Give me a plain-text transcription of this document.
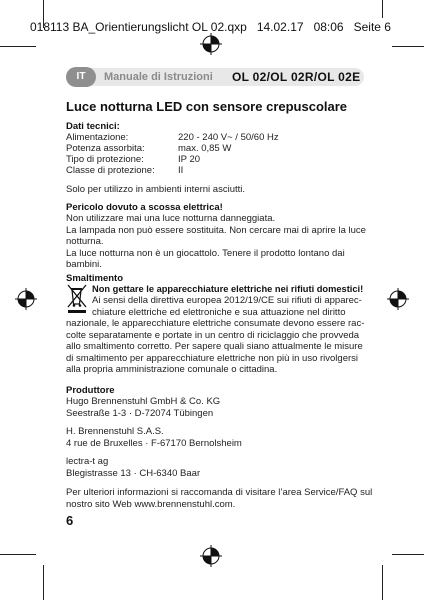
018113 BA_Orientierungslicht OL 02.qxp 14.02.17 08:06 Seite 6
IT	Manuale di Istruzioni OL 02/OL 02R/OL 02E
Luce notturna LED con sensore crepuscolare
Dati tecnici:
Alimentazione:	220 - 240 V~ / 50/60 Hz
Potenza assorbita:	max. 0,85 W
Tipo di protezione:	IP 20
Classe di protezione: II
Solo per utilizzo in ambienti interni asciutti.
Pericolo dovuto a scossa elettrica!
Non utilizzare mai una luce notturna danneggiata.
La lampada non può essere sostituita. Non cercare mai di aprire la luce
notturna.
La luce notturna non è un giocattolo. Tenere il prodotto lontano dai
bambini.
Smaltimento
Non gettare le apparecchiature elettriche nei rifiuti domestici!
Ai sensi della direttiva europea 2012/19/CE sui rifiuti di apparec-
chiature elettriche ed elettroniche e sua attuazione nel diritto
nazionale, le apparecchiature elettriche consumate devono essere rac-
colte separatamente e portate in un centro di riciclaggio che provveda
allo smaltimento corretto. Per sapere quali siano attualmente le misure
di smaltimento per apparecchiature elettriche non più in uso rivolgersi
alla propria amministrazione comunale o cittadina.
Produttore
Hugo Brennenstuhl GmbH & Co. KG
Seestraße 1-3 · D-72074 Tübingen
H. Brennenstuhl S.A.S.
4 rue de Bruxelles · F-67170 Bernolsheim
lectra-t ag
Blegistrasse 13 · CH-6340 Baar
Per ulteriori informazioni si raccomanda di visitare l’area Service/FAQ sul
nostro sito Web www.brennenstuhl.com.
6
